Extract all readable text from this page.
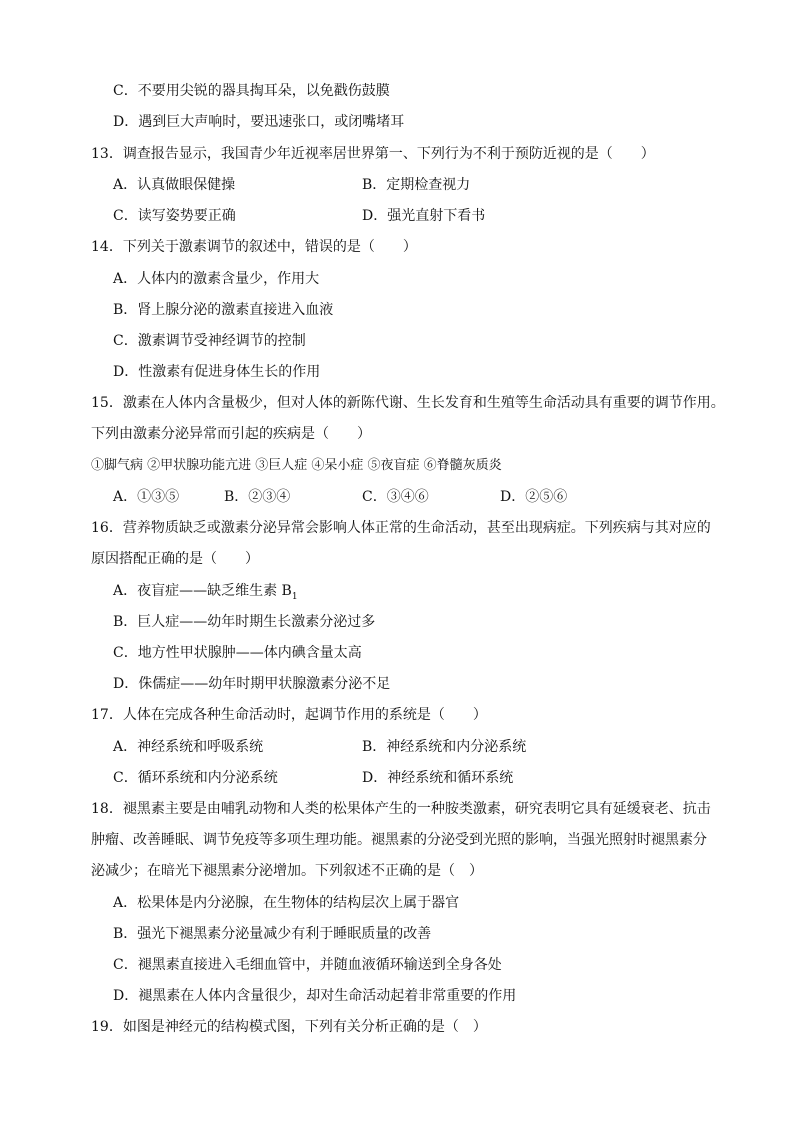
C．不要用尖锐的器具掏耳朵，以免戳伤鼓膜
D．遇到巨大声响时，要迅速张口，或闭嘴堵耳
13．调查报告显示，我国青少年近视率居世界第一、下列行为不利于预防近视的是（　　）
A．认真做眼保健操	B．定期检查视力
C．读写姿势要正确	D．强光直射下看书
14．下列关于激素调节的叙述中，错误的是（　　）
A．人体内的激素含量少，作用大
B．肾上腺分泌的激素直接进入血液
C．激素调节受神经调节的控制
D．性激素有促进身体生长的作用
15．激素在人体内含量极少，但对人体的新陈代谢、生长发育和生殖等生命活动具有重要的调节作用。
下列由激素分泌异常而引起的疾病是（　　）
①脚气病 ②甲状腺功能亢进 ③巨人症 ④呆小症 ⑤夜盲症 ⑥脊髓灰质炎
A．①③⑤	B．②③④	C．③④⑥	D．②⑤⑥
16．营养物质缺乏或激素分泌异常会影响人体正常的生命活动，甚至出现病症。下列疾病与其对应的
原因搭配正确的是（　　）
A．夜盲症——缺乏维生素 $B_1$
B．巨人症——幼年时期生长激素分泌过多
C．地方性甲状腺肿——体内碘含量太高
D．侏儒症——幼年时期甲状腺激素分泌不足
17．人体在完成各种生命活动时，起调节作用的系统是（　　）
A．神经系统和呼吸系统	B．神经系统和内分泌系统
C．循环系统和内分泌系统	D．神经系统和循环系统
18．褪黑素主要是由哺乳动物和人类的松果体产生的一种胺类激素，研究表明它具有延缓衰老、抗击
肿瘤、改善睡眠、调节免疫等多项生理功能。褪黑素的分泌受到光照的影响，当强光照射时褪黑素分
泌减少；在暗光下褪黑素分泌增加。下列叙述不正确的是（　）
A．松果体是内分泌腺，在生物体的结构层次上属于器官
B．强光下褪黑素分泌量减少有利于睡眠质量的改善
C．褪黑素直接进入毛细血管中，并随血液循环输送到全身各处
D．褪黑素在人体内含量很少，却对生命活动起着非常重要的作用
19．如图是神经元的结构模式图，下列有关分析正确的是（　）
